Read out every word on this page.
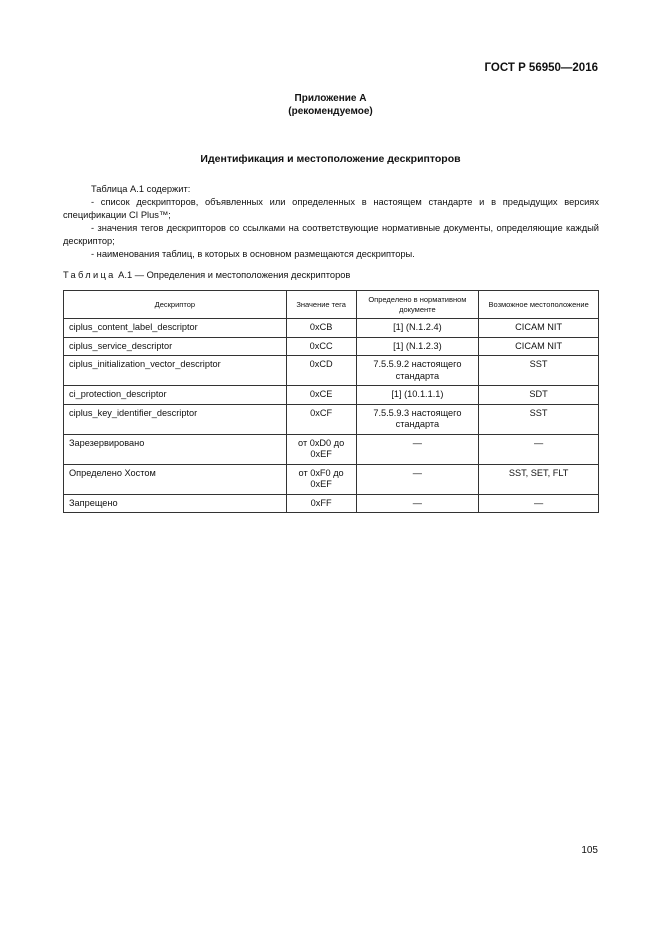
ГОСТ Р 56950—2016
Приложение А
(рекомендуемое)
Идентификация и местоположение дескрипторов

Таблица А.1 содержит:

- список дескрипторов, объявленных или определенных в настоящем стандарте и в предыдущих версиях спецификации CI Plus™;

- значения тегов дескрипторов со ссылками на соответствующие нормативные документы, определяющие каждый дескриптор;

- наименования таблиц, в которых в основном размещаются дескрипторы.

Таблица А.1 — Определения и местоположения дескрипторов
Дескриптор	Значение тега	Определено в нормативном документе	Возможное местоположение
ciplus_content_label_descriptor	0xCB	[1] (N.1.2.4)	CICAM NIT
ciplus_service_descriptor	0xCC	[1] (N.1.2.3)	CICAM NIT
ciplus_initialization_vector_descriptor	0xCD	7.5.5.9.2 настоящего стандарта	SST
ci_protection_descriptor	0xCE	[1] (10.1.1.1)	SDT
ciplus_key_identifier_descriptor	0xCF	7.5.5.9.3 настоящего стандарта	SST
Зарезервировано	от 0xD0 до 0xEF	—	—
Определено Хостом	от 0xF0 до 0xEF	—	SST, SET, FLT
Запрещено	0xFF	—	—
105
